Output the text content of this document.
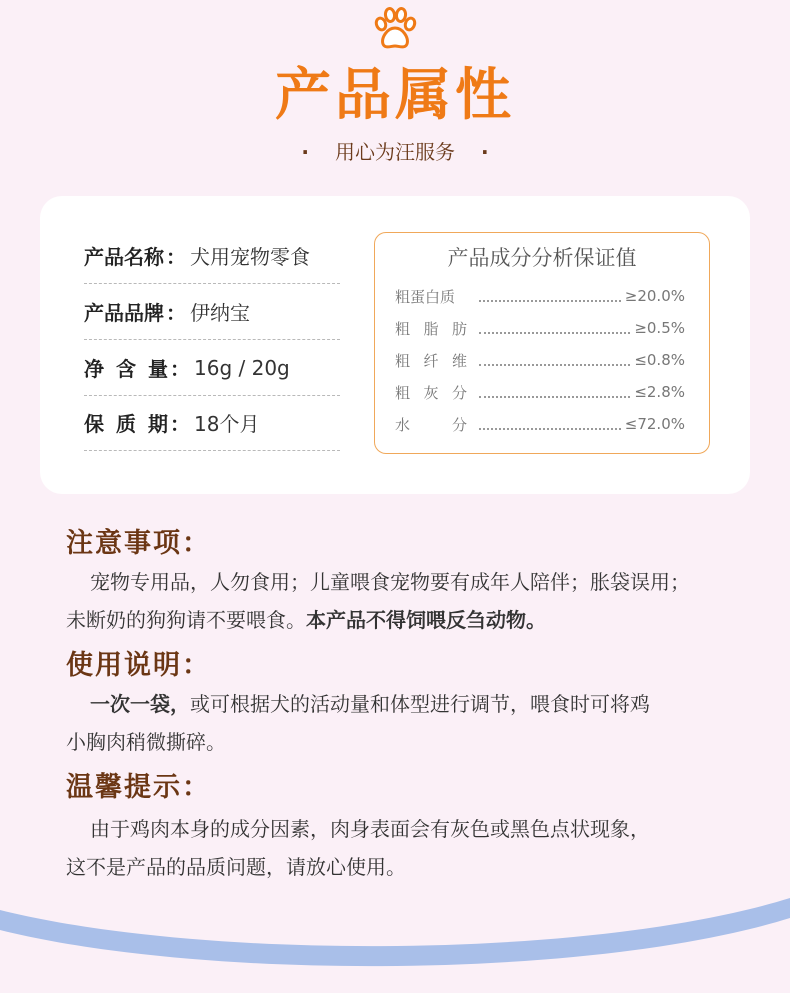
产品属性
· 用心为汪服务 ·
产品名称 ： 犬用宠物零食
产品品牌 ： 伊纳宝
净含量 ： 16g / 20g
保质期 ： 18个月
产品成分分析保证值
粗蛋白质	≥20.0%
粗脂肪	≥0.5%
粗纤维	≤0.8%
粗灰分	≤2.8%
水分	≤72.0%
注意事项：
宠物专用品，人勿食用；儿童喂食宠物要有成年人陪伴；胀袋误用；
未断奶的狗狗请不要喂食。本产品不得饲喂反刍动物。
使用说明：
一次一袋，或可根据犬的活动量和体型进行调节，喂食时可将鸡
小胸肉稍微撕碎。
温馨提示：
由于鸡肉本身的成分因素，肉身表面会有灰色或黑色点状现象，
这不是产品的品质问题，请放心使用。
